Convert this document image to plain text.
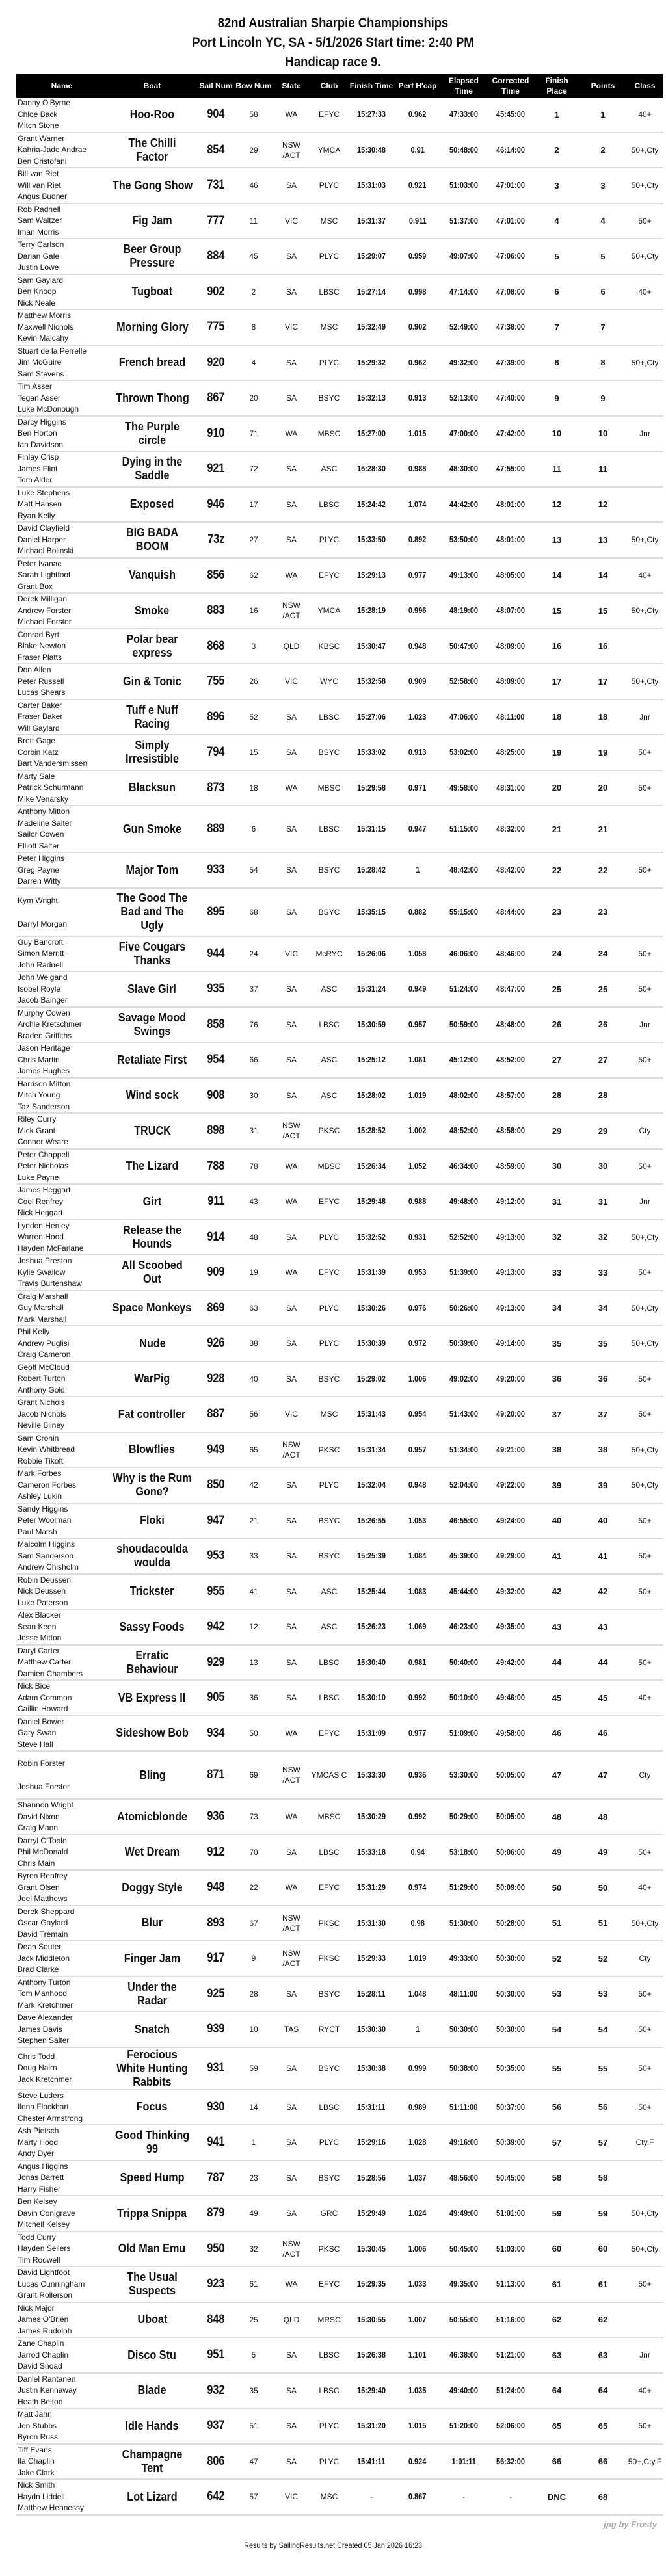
82nd Australian Sharpie Championships
Port Lincoln YC, SA - 5/1/2026 Start time: 2:40 PM
Handicap race 9.
Name	Boat	Sail Num	Bow Num	State	Club	Finish Time	Perf H'cap	Elapsed Time	Corrected Time	Finish Place	Points	Class

Danny O'Byrne
Chloe Back
Mitch Stone	Hoo-Roo	904	58	WA	EFYC	15:27:33	0.962	47:33:00	45:45:00	1	1	40+

Grant Warner
Kahria-Jade Andrae
Ben Cristofani	The Chilli Factor	854	29	NSW /ACT	YMCA	15:30:48	0.91	50:48:00	46:14:00	2	2	50+,Cty

Bill van Riet
Will van Riet
Angus Budner	The Gong Show	731	46	SA	PLYC	15:31:03	0.921	51:03:00	47:01:00	3	3	50+,Cty

Rob Radnell
Sam Waltzer
Iman Morris	Fig Jam	777	11	VIC	MSC	15:31:37	0.911	51:37:00	47:01:00	4	4	50+

Terry Carlson
Darian Gale
Justin Lowe	Beer Group Pressure	884	45	SA	PLYC	15:29:07	0.959	49:07:00	47:06:00	5	5	50+,Cty

Sam Gaylard
Ben Knoop
Nick Neale	Tugboat	902	2	SA	LBSC	15:27:14	0.998	47:14:00	47:08:00	6	6	40+

Matthew Morris
Maxwell Nichols
Kevin Malcahy	Morning Glory	775	8	VIC	MSC	15:32:49	0.902	52:49:00	47:38:00	7	7	

Stuart de la Perrelle
Jim McGuire
Sam Stevens	French bread	920	4	SA	PLYC	15:29:32	0.962	49:32:00	47:39:00	8	8	50+,Cty

Tim Asser
Tegan Asser
Luke McDonough	Thrown Thong	867	20	SA	BSYC	15:32:13	0.913	52:13:00	47:40:00	9	9	

Darcy Higgins
Ben Horton
Ian Davidson	The Purple circle	910	71	WA	MBSC	15:27:00	1.015	47:00:00	47:42:00	10	10	Jnr

Finlay Crisp
James Flint
Tom Alder	Dying in the Saddle	921	72	SA	ASC	15:28:30	0.988	48:30:00	47:55:00	11	11	

Luke Stephens
Matt Hansen
Ryan Kelly	Exposed	946	17	SA	LBSC	15:24:42	1.074	44:42:00	48:01:00	12	12	

David Clayfield
Daniel Harper
Michael Bolinski	BIG BADA BOOM	73z	27	SA	PLYC	15:33:50	0.892	53:50:00	48:01:00	13	13	50+,Cty

Peter Ivanac
Sarah Lightfoot
Grant Box	Vanquish	856	62	WA	EFYC	15:29:13	0.977	49:13:00	48:05:00	14	14	40+

Derek Milligan
Andrew Forster
Michael Forster	Smoke	883	16	NSW /ACT	YMCA	15:28:19	0.996	48:19:00	48:07:00	15	15	50+,Cty

Conrad Byrt
Blake Newton
Fraser Platts	Polar bear express	868	3	QLD	KBSC	15:30:47	0.948	50:47:00	48:09:00	16	16	

Don Allen
Peter Russell
Lucas Shears	Gin & Tonic	755	26	VIC	WYC	15:32:58	0.909	52:58:00	48:09:00	17	17	50+,Cty

Carter Baker
Fraser Baker
Will Gaylard	Tuff e Nuff Racing	896	52	SA	LBSC	15:27:06	1.023	47:06:00	48:11:00	18	18	Jnr

Brett Gage
Corbin Katz
Bart Vandersmissen	Simply Irresistible	794	15	SA	BSYC	15:33:02	0.913	53:02:00	48:25:00	19	19	50+

Marty Sale
Patrick Schurmann
Mike Venarsky	Blacksun	873	18	WA	MBSC	15:29:58	0.971	49:58:00	48:31:00	20	20	50+

Anthony Mitton
Madeline Salter
Sailor Cowen
Elliott Salter	Gun Smoke	889	6	SA	LBSC	15:31:15	0.947	51:15:00	48:32:00	21	21	

Peter Higgins
Greg Payne
Darren Witty	Major Tom	933	54	SA	BSYC	15:28:42	1	48:42:00	48:42:00	22	22	50+

Kym Wright
Darryl Morgan	The Good The Bad and The Ugly	895	68	SA	BSYC	15:35:15	0.882	55:15:00	48:44:00	23	23	

Guy Bancroft
Simon Merritt
John Radnell	Five Cougars Thanks	944	24	VIC	McRYC	15:26:06	1.058	46:06:00	48:46:00	24	24	50+

John Weigand
Isobel Royle
Jacob Bainger	Slave Girl	935	37	SA	ASC	15:31:24	0.949	51:24:00	48:47:00	25	25	50+

Murphy Cowen
Archie Kretschmer
Braden Griffiths	Savage Mood Swings	858	76	SA	LBSC	15:30:59	0.957	50:59:00	48:48:00	26	26	Jnr

Jason Heritage
Chris Martin
James Hughes	Retaliate First	954	66	SA	ASC	15:25:12	1.081	45:12:00	48:52:00	27	27	50+

Harrison Mitton
Mitch Young
Taz Sanderson	Wind sock	908	30	SA	ASC	15:28:02	1.019	48:02:00	48:57:00	28	28	

Riley Curry
Mick Grant
Connor Weare	TRUCK	898	31	NSW /ACT	PKSC	15:28:52	1.002	48:52:00	48:58:00	29	29	Cty

Peter Chappell
Peter Nicholas
Luke Payne	The Lizard	788	78	WA	MBSC	15:26:34	1.052	46:34:00	48:59:00	30	30	50+

James Heggart
Coel Renfrey
Nick Heggart	Girt	911	43	WA	EFYC	15:29:48	0.988	49:48:00	49:12:00	31	31	Jnr

Lyndon Henley
Warren Hood
Hayden McFarlane	Release the Hounds	914	48	SA	PLYC	15:32:52	0.931	52:52:00	49:13:00	32	32	50+,Cty

Joshua Preston
Kylie Swallow
Travis Burtenshaw	All Scoobed Out	909	19	WA	EFYC	15:31:39	0.953	51:39:00	49:13:00	33	33	50+

Craig Marshall
Guy Marshall
Mark Marshall	Space Monkeys	869	63	SA	PLYC	15:30:26	0.976	50:26:00	49:13:00	34	34	50+,Cty

Phil Kelly
Andrew Puglisi
Craig Cameron	Nude	926	38	SA	PLYC	15:30:39	0.972	50:39:00	49:14:00	35	35	50+,Cty

Geoff McCloud
Robert Turton
Anthony Gold	WarPig	928	40	SA	BSYC	15:29:02	1.006	49:02:00	49:20:00	36	36	50+

Grant Nichols
Jacob Nichols
Neville Bliney	Fat controller	887	56	VIC	MSC	15:31:43	0.954	51:43:00	49:20:00	37	37	50+

Sam Cronin
Kevin Whitbread
Robbie Tikoft	Blowflies	949	65	NSW /ACT	PKSC	15:31:34	0.957	51:34:00	49:21:00	38	38	50+,Cty

Mark Forbes
Cameron Forbes
Ashley Lukin	Why is the Rum Gone?	850	42	SA	PLYC	15:32:04	0.948	52:04:00	49:22:00	39	39	50+,Cty

Sandy Higgins
Peter Woolman
Paul Marsh	Floki	947	21	SA	BSYC	15:26:55	1.053	46:55:00	49:24:00	40	40	50+

Malcolm Higgins
Sam Sanderson
Andrew Chisholm	shoudacoulda woulda	953	33	SA	BSYC	15:25:39	1.084	45:39:00	49:29:00	41	41	50+

Robin Deussen
Nick Deussen
Luke Paterson	Trickster	955	41	SA	ASC	15:25:44	1.083	45:44:00	49:32:00	42	42	50+

Alex Blacker
Sean Keen
Jesse Mitton	Sassy Foods	942	12	SA	ASC	15:26:23	1.069	46:23:00	49:35:00	43	43	

Daryl Carter
Matthew Carter
Damien Chambers	Erratic Behaviour	929	13	SA	LBSC	15:30:40	0.981	50:40:00	49:42:00	44	44	50+

Nick Bice
Adam Common
Caillin Howard	VB Express II	905	36	SA	LBSC	15:30:10	0.992	50:10:00	49:46:00	45	45	40+

Daniel Bower
Gary Swan
Steve Hall	Sideshow Bob	934	50	WA	EFYC	15:31:09	0.977	51:09:00	49:58:00	46	46	

Robin Forster
Joshua Forster	Bling	871	69	NSW /ACT	YMCAS C	15:33:30	0.936	53:30:00	50:05:00	47	47	Cty

Shannon Wright
David Nixon
Craig Mann	Atomicblonde	936	73	WA	MBSC	15:30:29	0.992	50:29:00	50:05:00	48	48	

Darryl O'Toole
Phil McDonald
Chris Main	Wet Dream	912	70	SA	LBSC	15:33:18	0.94	53:18:00	50:06:00	49	49	50+

Byron Renfrey
Grant Olsen
Joel Matthews	Doggy Style	948	22	WA	EFYC	15:31:29	0.974	51:29:00	50:09:00	50	50	40+

Derek Sheppard
Oscar Gaylard
David Tremain	Blur	893	67	NSW /ACT	PKSC	15:31:30	0.98	51:30:00	50:28:00	51	51	50+,Cty

Dean Souter
Jack Middleton
Brad Clarke	Finger Jam	917	9	NSW /ACT	PKSC	15:29:33	1.019	49:33:00	50:30:00	52	52	Cty

Anthony Turton
Tom Manhood
Mark Kretchmer	Under the Radar	925	28	SA	BSYC	15:28:11	1.048	48:11:00	50:30:00	53	53	50+

Dave Alexander
James Davis
Stephen Salter	Snatch	939	10	TAS	RYCT	15:30:30	1	50:30:00	50:30:00	54	54	50+

Chris Todd
Doug Nairn
Jack Kretchmer	Ferocious White Hunting Rabbits	931	59	SA	BSYC	15:30:38	0.999	50:38:00	50:35:00	55	55	50+

Steve Luders
Ilona Flockhart
Chester Armstrong	Focus	930	14	SA	LBSC	15:31:11	0.989	51:11:00	50:37:00	56	56	50+

Ash Pietsch
Marty Hood
Andy Dyer	Good Thinking 99	941	1	SA	PLYC	15:29:16	1.028	49:16:00	50:39:00	57	57	Cty,F

Angus Higgins
Jonas Barrett
Harry Fisher	Speed Hump	787	23	SA	BSYC	15:28:56	1.037	48:56:00	50:45:00	58	58	

Ben Kelsey
Davin Conigrave
Mitchell Kelsey	Trippa Snippa	879	49	SA	GRC	15:29:49	1.024	49:49:00	51:01:00	59	59	50+,Cty

Todd Curry
Hayden Sellers
Tim Rodwell	Old Man Emu	950	32	NSW /ACT	PKSC	15:30:45	1.006	50:45:00	51:03:00	60	60	50+,Cty

David Lightfoot
Lucas Cunningham
Grant Rollerson	The Usual Suspects	923	61	WA	EFYC	15:29:35	1.033	49:35:00	51:13:00	61	61	50+

Nick Major
James O'Brien
James Rudolph	Uboat	848	25	QLD	MRSC	15:30:55	1.007	50:55:00	51:16:00	62	62	

Zane Chaplin
Jarrod Chaplin
David Snoad	Disco Stu	951	5	SA	LBSC	15:26:38	1.101	46:38:00	51:21:00	63	63	Jnr

Daniel Rantanen
Justin Kennaway
Heath Belton	Blade	932	35	SA	LBSC	15:29:40	1.035	49:40:00	51:24:00	64	64	40+

Matt Jahn
Jon Stubbs
Byron Russ	Idle Hands	937	51	SA	PLYC	15:31:20	1.015	51:20:00	52:06:00	65	65	50+

Tiff Evans
Ila Chaplin
Jake Clark	Champagne Tent	806	47	SA	PLYC	15:41:11	0.924	1:01:11	56:32:00	66	66	50+,Cty,F

Nick Smith
Haydn Liddell
Matthew Hennessy	Lot Lizard	642	57	VIC	MSC	-	0.867	-	-	DNC	68	
jpg by Frosty
Results by SailingResults.net Created 05 Jan 2026 16:23
